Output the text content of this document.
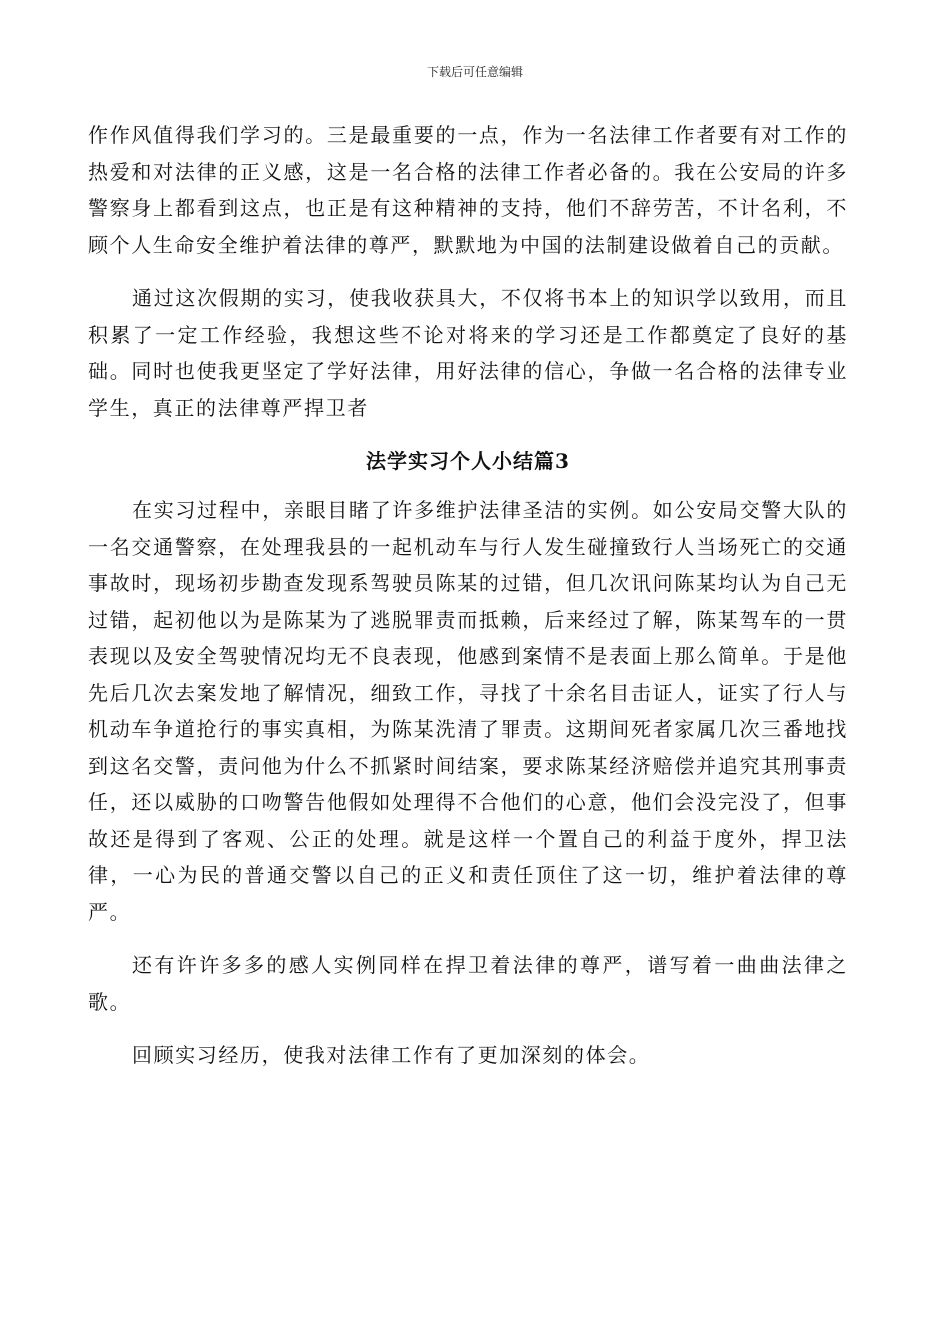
下载后可任意编辑

作作风值得我们学习的。三是最重要的一点，作为一名法律工作者要有对工作的热爱和对法律的正义感，这是一名合格的法律工作者必备的。我在公安局的许多警察身上都看到这点，也正是有这种精神的支持，他们不辞劳苦，不计名利，不顾个人生命安全维护着法律的尊严，默默地为中国的法制建设做着自己的贡献。

通过这次假期的实习，使我收获具大，不仅将书本上的知识学以致用，而且积累了一定工作经验，我想这些不论对将来的学习还是工作都奠定了良好的基础。同时也使我更坚定了学好法律，用好法律的信心，争做一名合格的法律专业学生，真正的法律尊严捍卫者

法学实习个人小结篇3

在实习过程中，亲眼目睹了许多维护法律圣洁的实例。如公安局交警大队的一名交通警察，在处理我县的一起机动车与行人发生碰撞致行人当场死亡的交通事故时，现场初步勘查发现系驾驶员陈某的过错，但几次讯问陈某均认为自己无过错，起初他以为是陈某为了逃脱罪责而抵赖，后来经过了解，陈某驾车的一贯表现以及安全驾驶情况均无不良表现，他感到案情不是表面上那么简单。于是他先后几次去案发地了解情况，细致工作，寻找了十余名目击证人，证实了行人与机动车争道抢行的事实真相，为陈某洗清了罪责。这期间死者家属几次三番地找到这名交警，责问他为什么不抓紧时间结案，要求陈某经济赔偿并追究其刑事责任，还以威胁的口吻警告他假如处理得不合他们的心意，他们会没完没了，但事故还是得到了客观、公正的处理。就是这样一个置自己的利益于度外，捍卫法律，一心为民的普通交警以自己的正义和责任顶住了这一切，维护着法律的尊严。

还有许许多多的感人实例同样在捍卫着法律的尊严，谱写着一曲曲法律之歌。

回顾实习经历，使我对法律工作有了更加深刻的体会。
